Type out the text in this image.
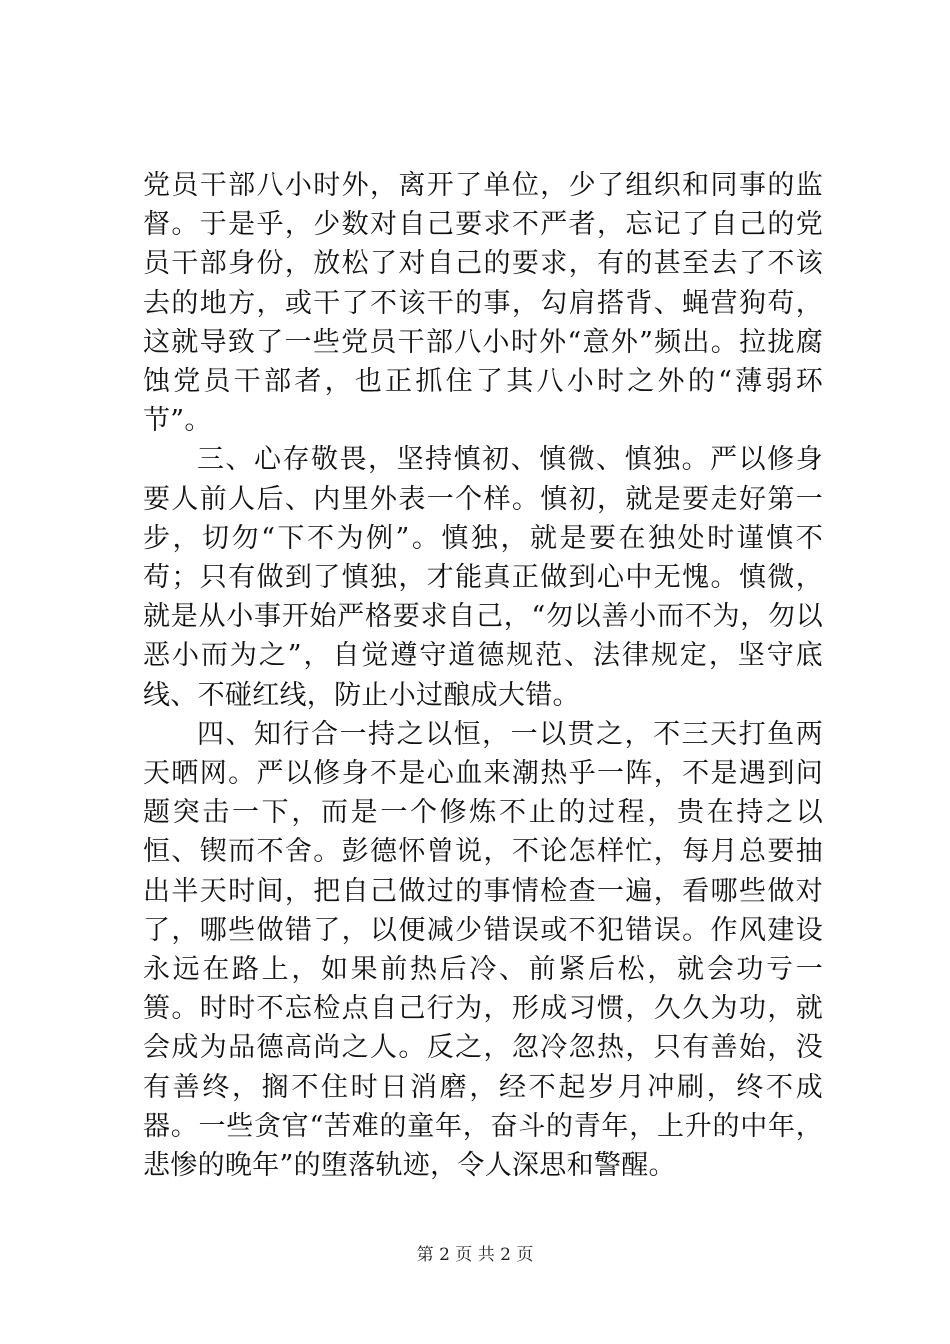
党员干部八小时外，离开了单位，少了组织和同事的监督。于是乎，少数对自己要求不严者，忘记了自己的党员干部身份，放松了对自己的要求，有的甚至去了不该去的地方，或干了不该干的事，勾肩搭背、蝇营狗苟，这就导致了一些党员干部八小时外“意外”频出。拉拢腐蚀党员干部者，也正抓住了其八小时之外的“薄弱环节”。

三、心存敬畏，坚持慎初、慎微、慎独。严以修身要人前人后、内里外表一个样。慎初，就是要走好第一步，切勿“下不为例”。慎独，就是要在独处时谨慎不苟；只有做到了慎独，才能真正做到心中无愧。慎微，就是从小事开始严格要求自己，“勿以善小而不为，勿以恶小而为之”，自觉遵守道德规范、法律规定，坚守底线、不碰红线，防止小过酿成大错。

四、知行合一持之以恒，一以贯之，不三天打鱼两天晒网。严以修身不是心血来潮热乎一阵，不是遇到问题突击一下，而是一个修炼不止的过程，贵在持之以恒、锲而不舍。彭德怀曾说，不论怎样忙，每月总要抽出半天时间，把自己做过的事情检查一遍，看哪些做对了，哪些做错了，以便减少错误或不犯错误。作风建设永远在路上，如果前热后冷、前紧后松，就会功亏一篑。时时不忘检点自己行为，形成习惯，久久为功，就会成为品德高尚之人。反之，忽冷忽热，只有善始，没有善终，搁不住时日消磨，经不起岁月冲刷，终不成器。一些贪官“苦难的童年，奋斗的青年，上升的中年，悲惨的晚年”的堕落轨迹，令人深思和警醒。

第 2 页 共 2 页
